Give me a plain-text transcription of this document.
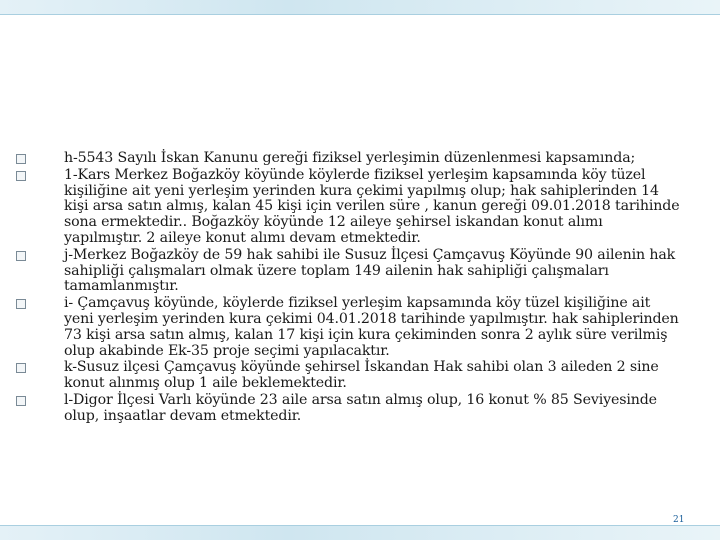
h-5543 Sayılı İskan Kanunu gereği fiziksel yerleşimin düzenlenmesi kapsamında;
1-Kars Merkez Boğazköy köyünde köylerde fiziksel yerleşim kapsamında köy tüzel kişiliğine ait yeni yerleşim yerinden kura çekimi yapılmış olup; hak sahiplerinden 14 kişi arsa satın almış, kalan 45 kişi için verilen süre , kanun gereği 09.01.2018 tarihinde sona ermektedir.. Boğazköy köyünde 12 aileye şehirsel iskandan konut alımı yapılmıştır. 2 aileye konut alımı devam etmektedir.
j-Merkez Boğazköy de 59 hak sahibi ile Susuz İlçesi Çamçavuş Köyünde 90 ailenin hak sahipliği çalışmaları olmak üzere toplam 149 ailenin hak sahipliği çalışmaları tamamlanmıştır.
i- Çamçavuş köyünde, köylerde fiziksel yerleşim kapsamında köy tüzel kişiliğine ait yeni yerleşim yerinden kura çekimi 04.01.2018 tarihinde yapılmıştır. hak sahiplerinden 73 kişi arsa satın almış, kalan 17 kişi için kura çekiminden sonra 2 aylık süre verilmiş olup akabinde Ek-35 proje seçimi yapılacaktır.
k-Susuz ilçesi Çamçavuş köyünde şehirsel İskandan Hak sahibi olan 3 aileden 2 sine konut alınmış olup 1 aile beklemektedir.
l-Digor İlçesi Varlı köyünde 23 aile arsa satın almış olup, 16 konut % 85 Seviyesinde olup, inşaatlar devam etmektedir.
21
